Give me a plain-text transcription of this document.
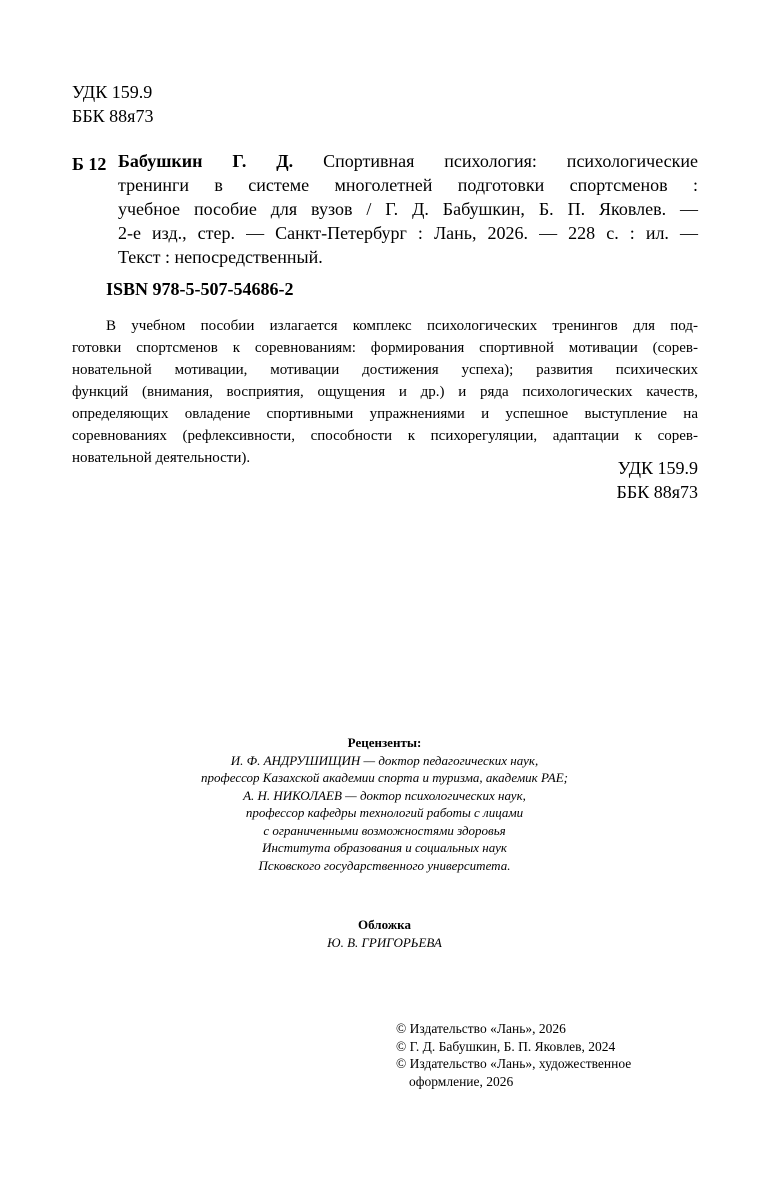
УДК 159.9
ББК 88я73
Б 12 Бабушкин Г. Д. Спортивная психология: психологические
тренинги в системе многолетней подготовки спортсменов :
учебное пособие для вузов / Г. Д. Бабушкин, Б. П. Яковлев. —
2-е изд., стер. — Санкт-Петербург : Лань, 2026. — 228 с. : ил. —
Текст : непосредственный.
ISBN 978-5-507-54686-2
В учебном пособии излагается комплекс психологических тренингов для под-
готовки спортсменов к соревнованиям: формирования спортивной мотивации (сорев-
новательной мотивации, мотивации достижения успеха); развития психических
функций (внимания, восприятия, ощущения и др.) и ряда психологических качеств,
определяющих овладение спортивными упражнениями и успешное выступление на
соревнованиях (рефлексивности, способности к психорегуляции, адаптации к сорев-
новательной деятельности).	УДК 159.9
ББК 88я73
Рецензенты:
И. Ф. АНДРУШИЩИН — доктор педагогических наук,
профессор Казахской академии спорта и туризма, академик РАЕ;
А. Н. НИКОЛАЕВ — доктор психологических наук,
профессор кафедры технологий работы с лицами
с ограниченными возможностями здоровья
Института образования и социальных наук
Псковского государственного университета.
Обложка
Ю. В. ГРИГОРЬЕВА
© Издательство «Лань», 2026
© Г. Д. Бабушкин, Б. П. Яковлев, 2024
© Издательство «Лань», художественное
оформление, 2026
